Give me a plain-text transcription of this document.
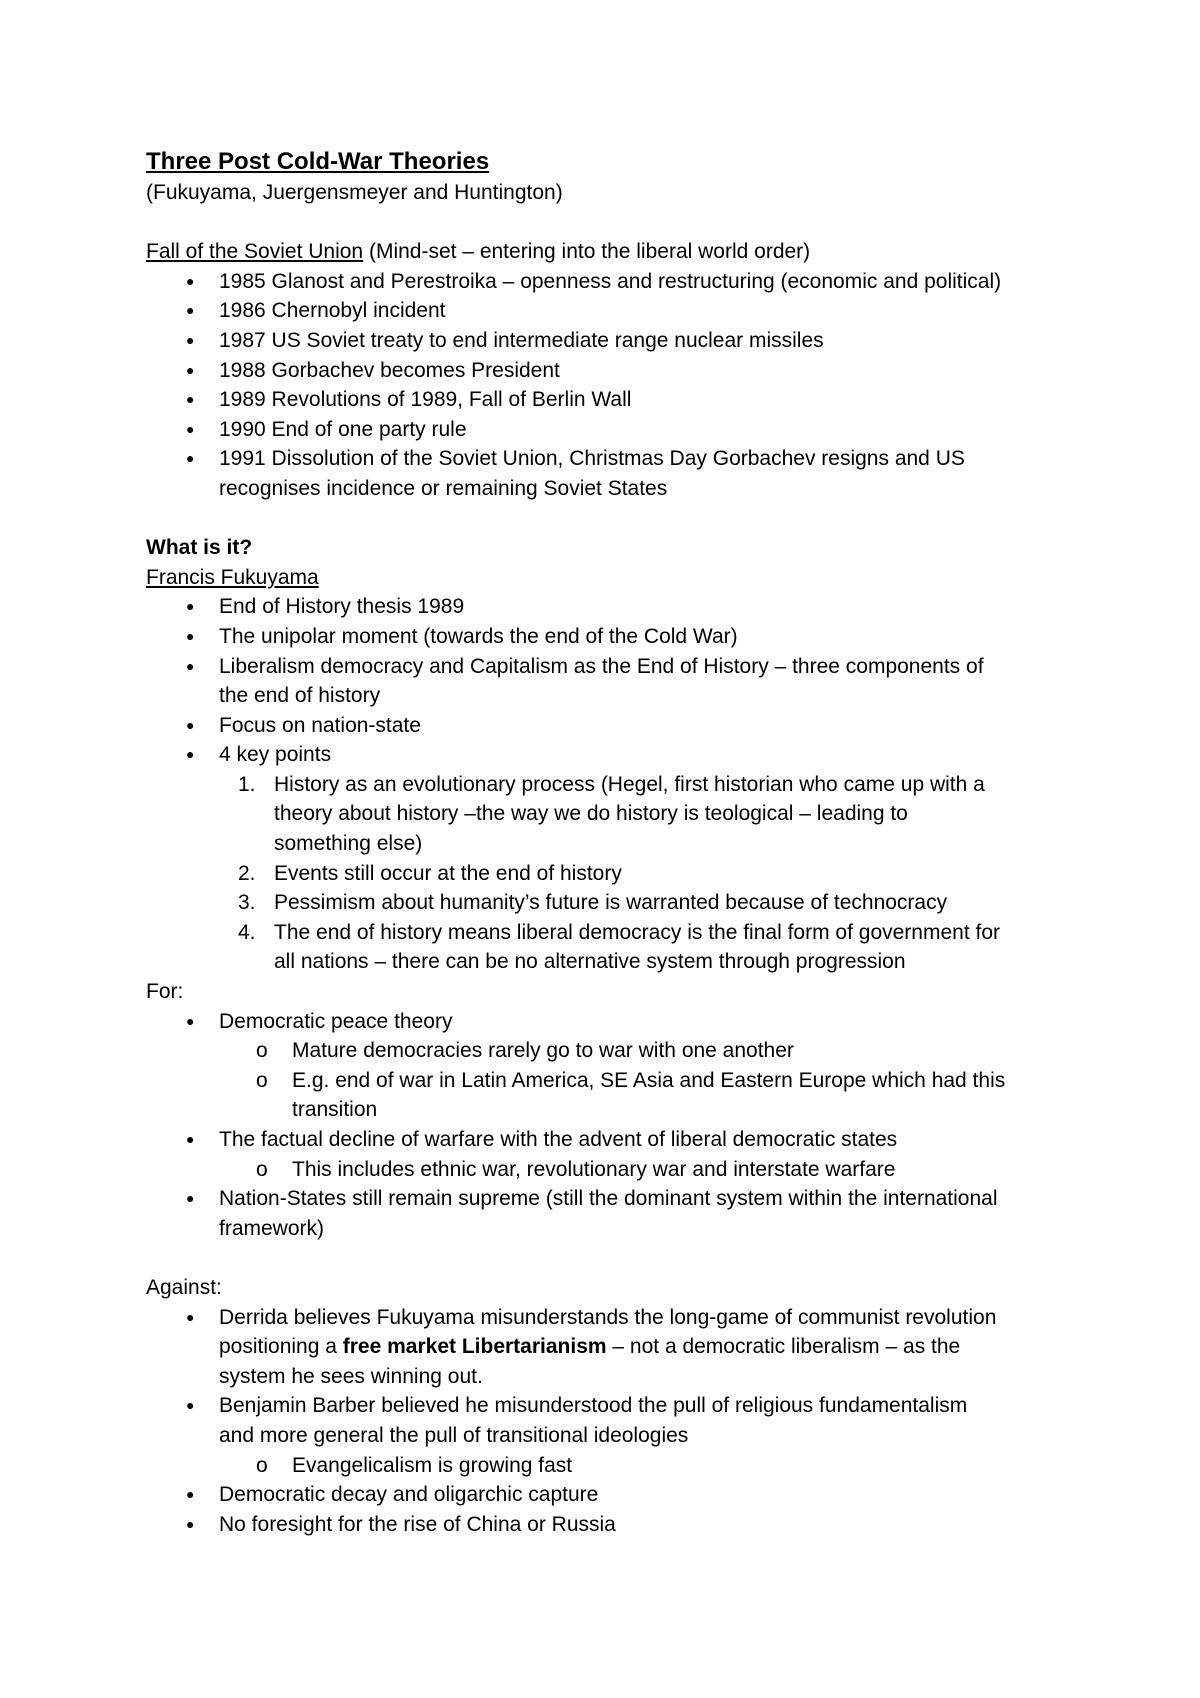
Three Post Cold-War Theories
(Fukuyama, Juergensmeyer and Huntington)
Fall of the Soviet Union (Mind-set – entering into the liberal world order)
● 1985 Glanost and Perestroika – openness and restructuring (economic and political)
● 1986 Chernobyl incident
● 1987 US Soviet treaty to end intermediate range nuclear missiles
● 1988 Gorbachev becomes President
● 1989 Revolutions of 1989, Fall of Berlin Wall
● 1990 End of one party rule
● 1991 Dissolution of the Soviet Union, Christmas Day Gorbachev resigns and US
recognises incidence or remaining Soviet States
What is it?
Francis Fukuyama
● End of History thesis 1989
● The unipolar moment (towards the end of the Cold War)
● Liberalism democracy and Capitalism as the End of History – three components of
the end of history
● Focus on nation-state
● 4 key points
1. History as an evolutionary process (Hegel, first historian who came up with a
theory about history –the way we do history is teological – leading to
something else)
2. Events still occur at the end of history
3. Pessimism about humanity’s future is warranted because of technocracy
4. The end of history means liberal democracy is the final form of government for
all nations – there can be no alternative system through progression
For:
● Democratic peace theory
o Mature democracies rarely go to war with one another
o E.g. end of war in Latin America, SE Asia and Eastern Europe which had this
transition
● The factual decline of warfare with the advent of liberal democratic states
o This includes ethnic war, revolutionary war and interstate warfare
● Nation-States still remain supreme (still the dominant system within the international
framework)
Against:
● Derrida believes Fukuyama misunderstands the long-game of communist revolution
positioning a free market Libertarianism – not a democratic liberalism – as the
system he sees winning out.
● Benjamin Barber believed he misunderstood the pull of religious fundamentalism
and more general the pull of transitional ideologies
o Evangelicalism is growing fast
● Democratic decay and oligarchic capture
● No foresight for the rise of China or Russia
